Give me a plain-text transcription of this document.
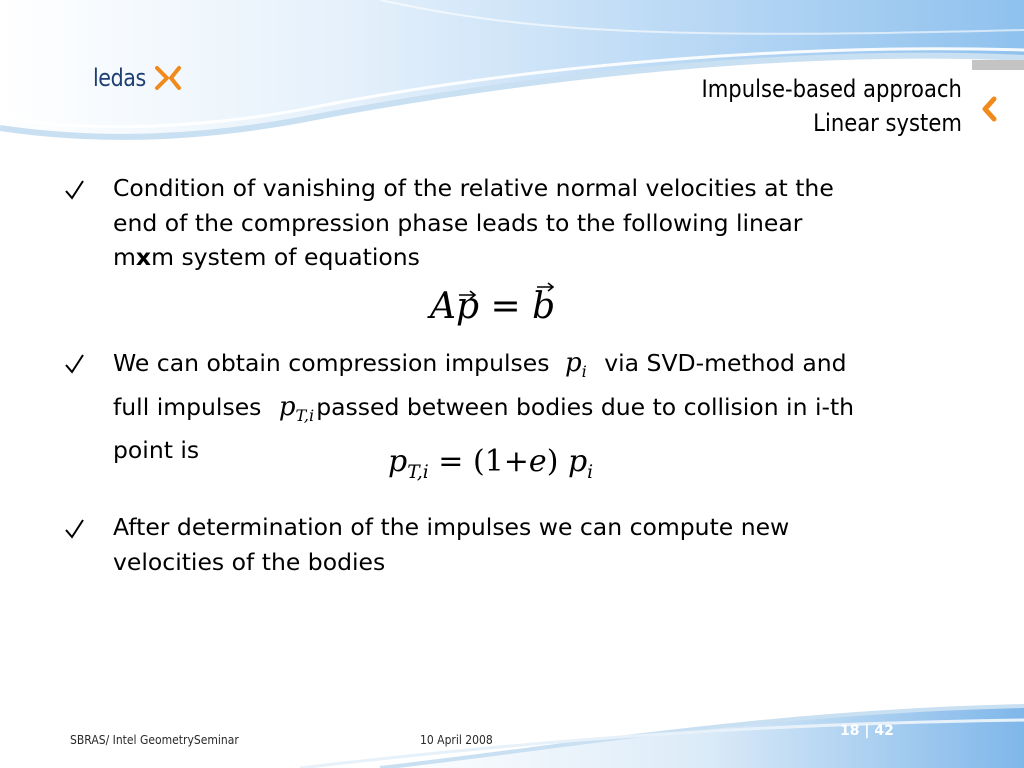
ledas	Impulse-based approach
Linear system
Condition of vanishing of the relative normal velocities at the
end of the compression phase leads to the following linear
mxm system of equations
A
p = b
We can obtain compression impulses $p_i$ via SVD-method and
full impulses $p_{T,i}passed$ between bodies due to collision in i-th
point is	$p_{T,i} = (1+e)$ $p_i$
After determination of the impulses we can compute new
velocities of the bodies
SBRAS/ Intel GeometrySeminar	10 April 2008
18 | 42
